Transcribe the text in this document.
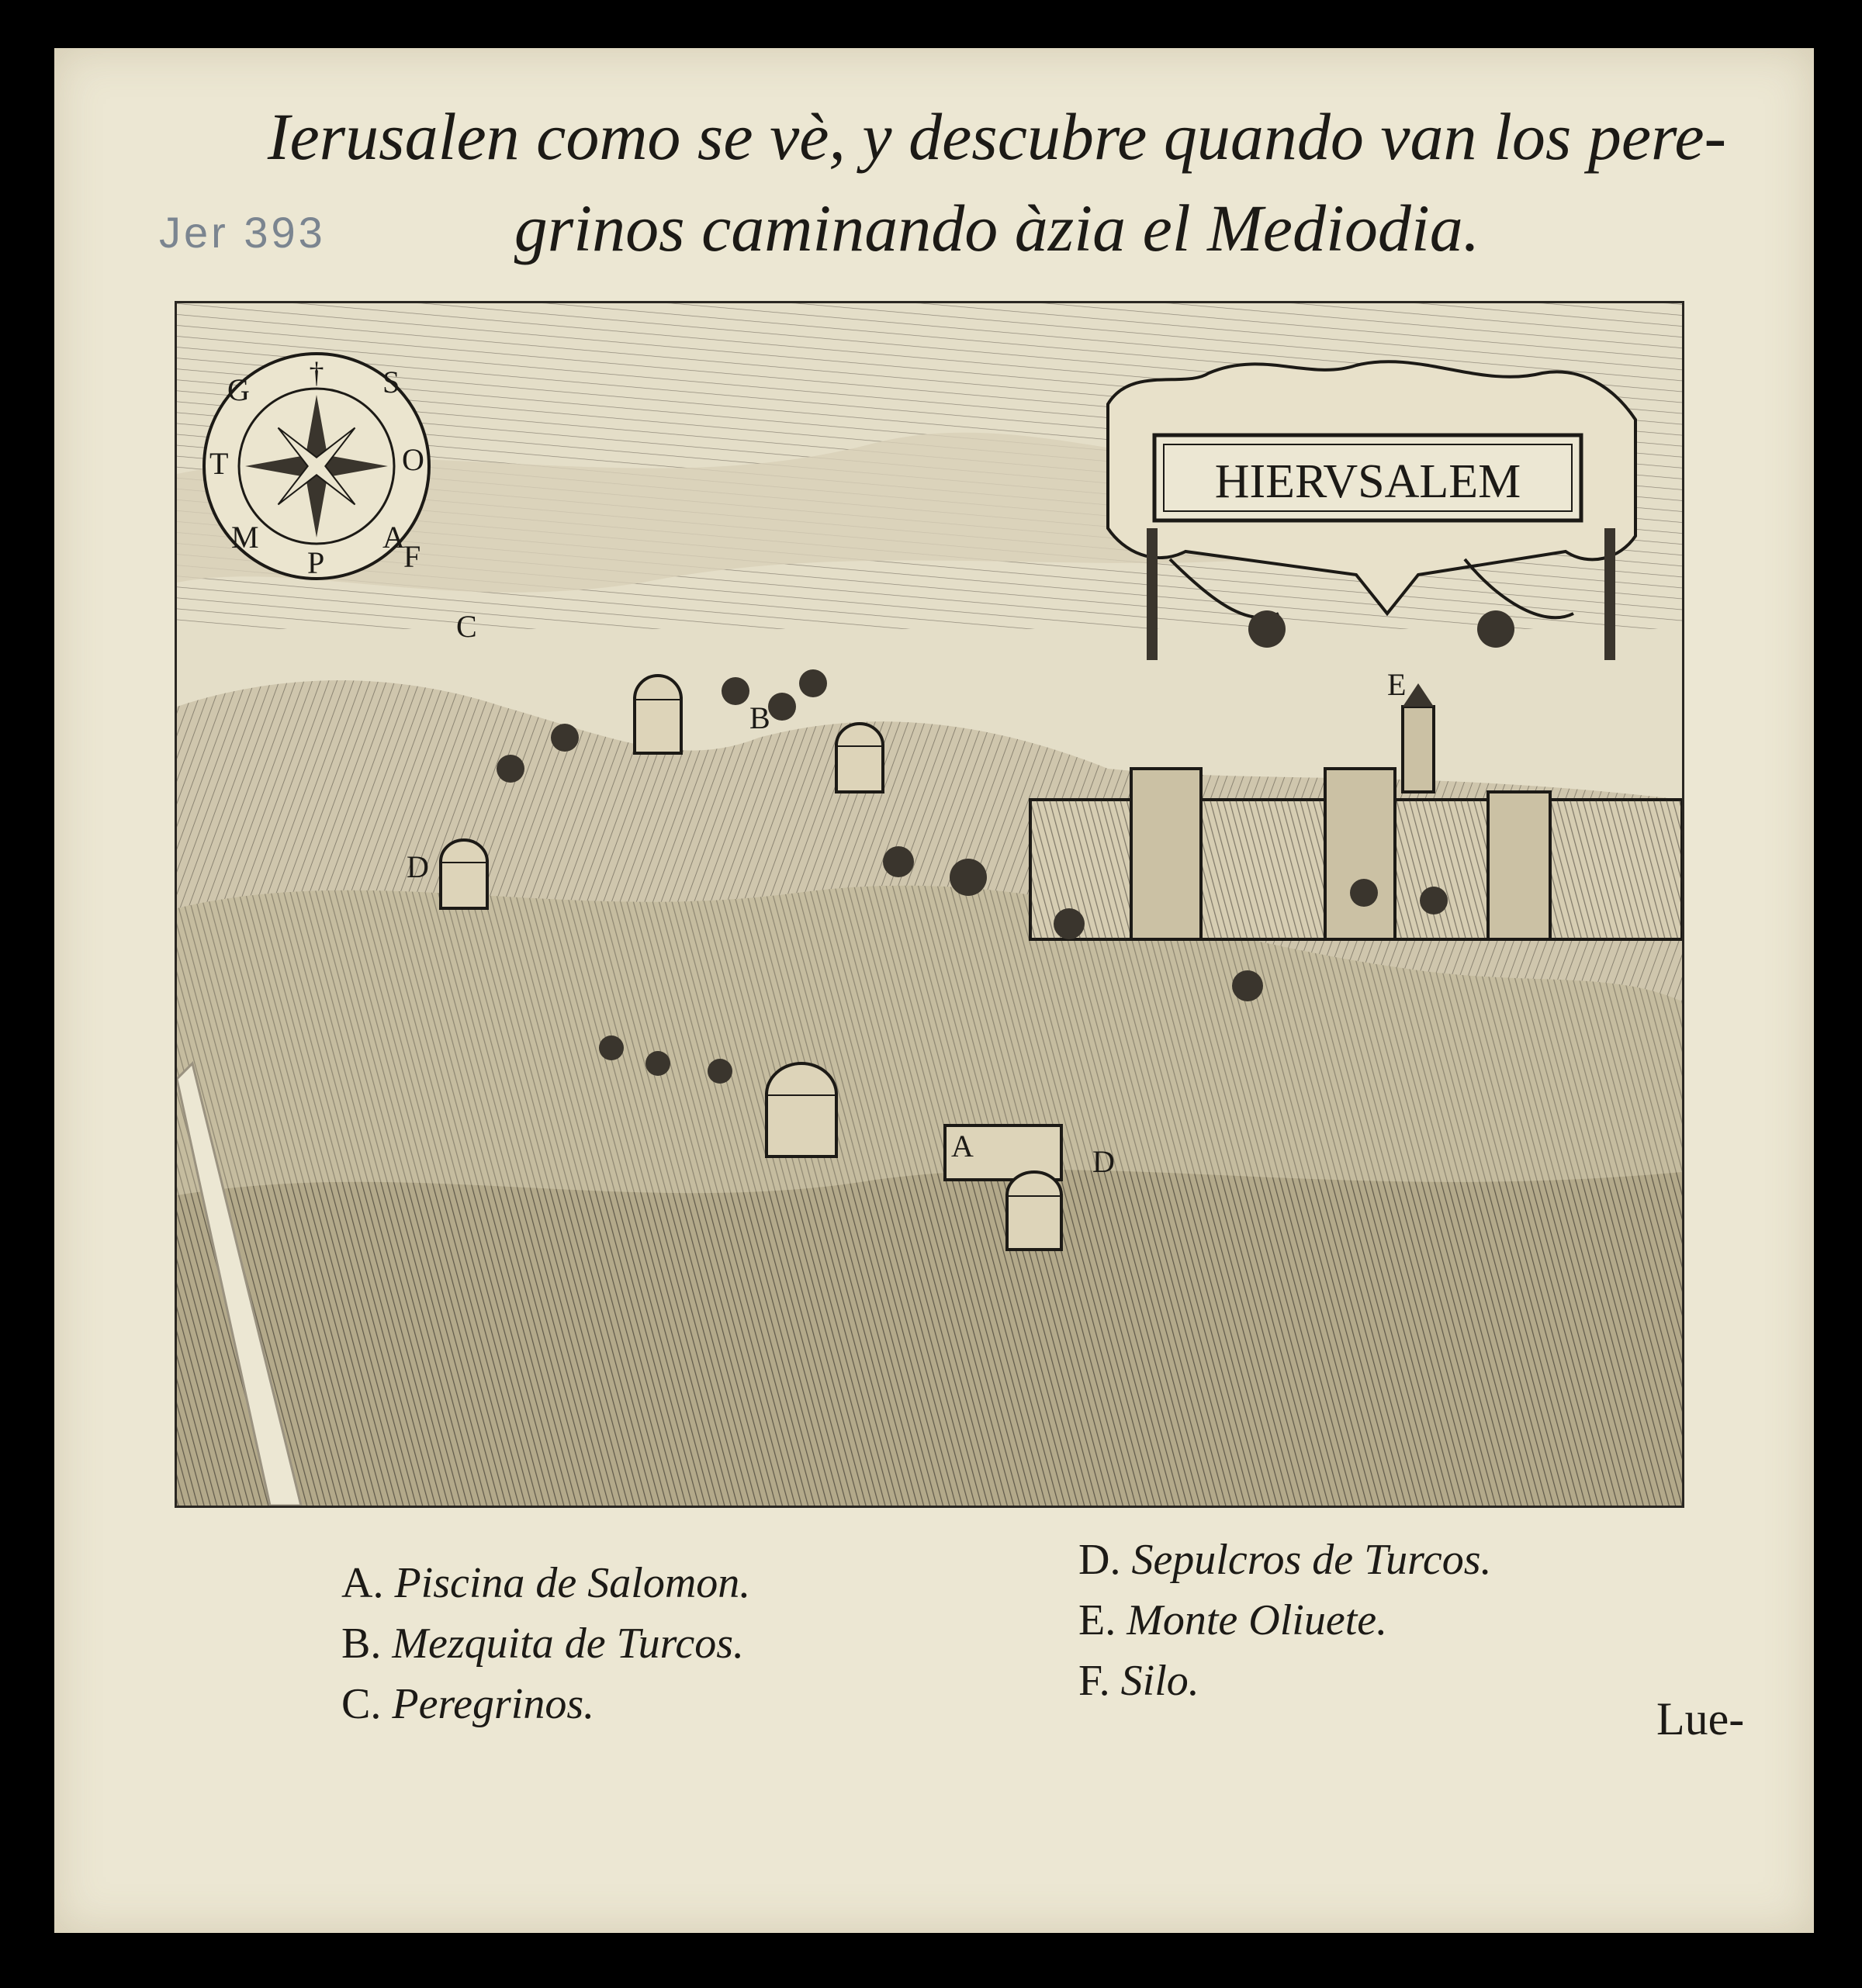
Ierusalen como se vè, y descubre quando van los pere-
grinos caminando àzia el Mediodia.
Jer 393
† S
O
A
P
M
T
G
HIERVSALEM
A
B
C
D
D
E
F
A. Piscina de Salomon.
B. Mezquita de Turcos.
C. Peregrinos.
D. Sepulcros de Turcos.
E. Monte Oliuete.
F. Silo.
Lue-
